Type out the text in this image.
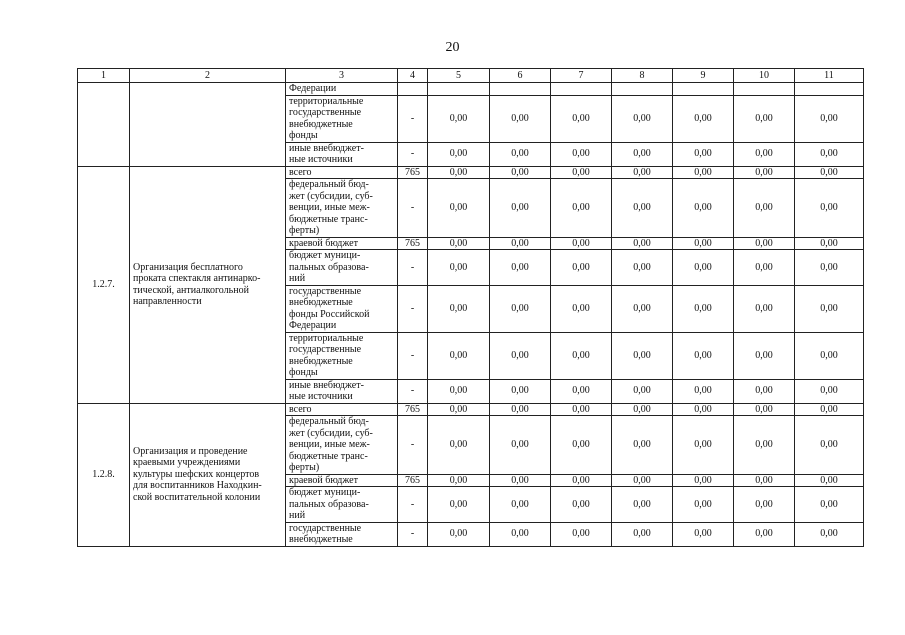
20
1	2	3	4	5	6	7	8	9	10	11

		Федерации								

		территориальные
государственные
внебюджетные
фонды	-	0,00	0,00	0,00	0,00	0,00	0,00	0,00

		иные внебюджет-
ные источники	-	0,00	0,00	0,00	0,00	0,00	0,00	0,00
1.2.7.	Организация бесплатного
проката спектакля антинарко-
тической, антиалкогольной
направленности	всего	765	0,00	0,00	0,00	0,00	0,00	0,00	0,00

		федеральный бюд-
жет (субсидии, суб-
венции, иные меж-
бюджетные транс-
ферты)	-	0,00	0,00	0,00	0,00	0,00	0,00	0,00

		краевой бюджет	765	0,00	0,00	0,00	0,00	0,00	0,00	0,00

		бюджет муници-
пальных образова-
ний	-	0,00	0,00	0,00	0,00	0,00	0,00	0,00

		государственные
внебюджетные
фонды Российской
Федерации	-	0,00	0,00	0,00	0,00	0,00	0,00	0,00

		территориальные
государственные
внебюджетные
фонды	-	0,00	0,00	0,00	0,00	0,00	0,00	0,00

		иные внебюджет-
ные источники	-	0,00	0,00	0,00	0,00	0,00	0,00	0,00
1.2.8.	Организация и проведение
краевыми учреждениями
культуры шефских концертов
для воспитанников Находкин-
ской воспитательной колонии	всего	765	0,00	0,00	0,00	0,00	0,00	0,00	0,00

		федеральный бюд-
жет (субсидии, суб-
венции, иные меж-
бюджетные транс-
ферты)	-	0,00	0,00	0,00	0,00	0,00	0,00	0,00

		краевой бюджет	765	0,00	0,00	0,00	0,00	0,00	0,00	0,00

		бюджет муници-
пальных образова-
ний	-	0,00	0,00	0,00	0,00	0,00	0,00	0,00

		государственные
внебюджетные	-	0,00	0,00	0,00	0,00	0,00	0,00	0,00
